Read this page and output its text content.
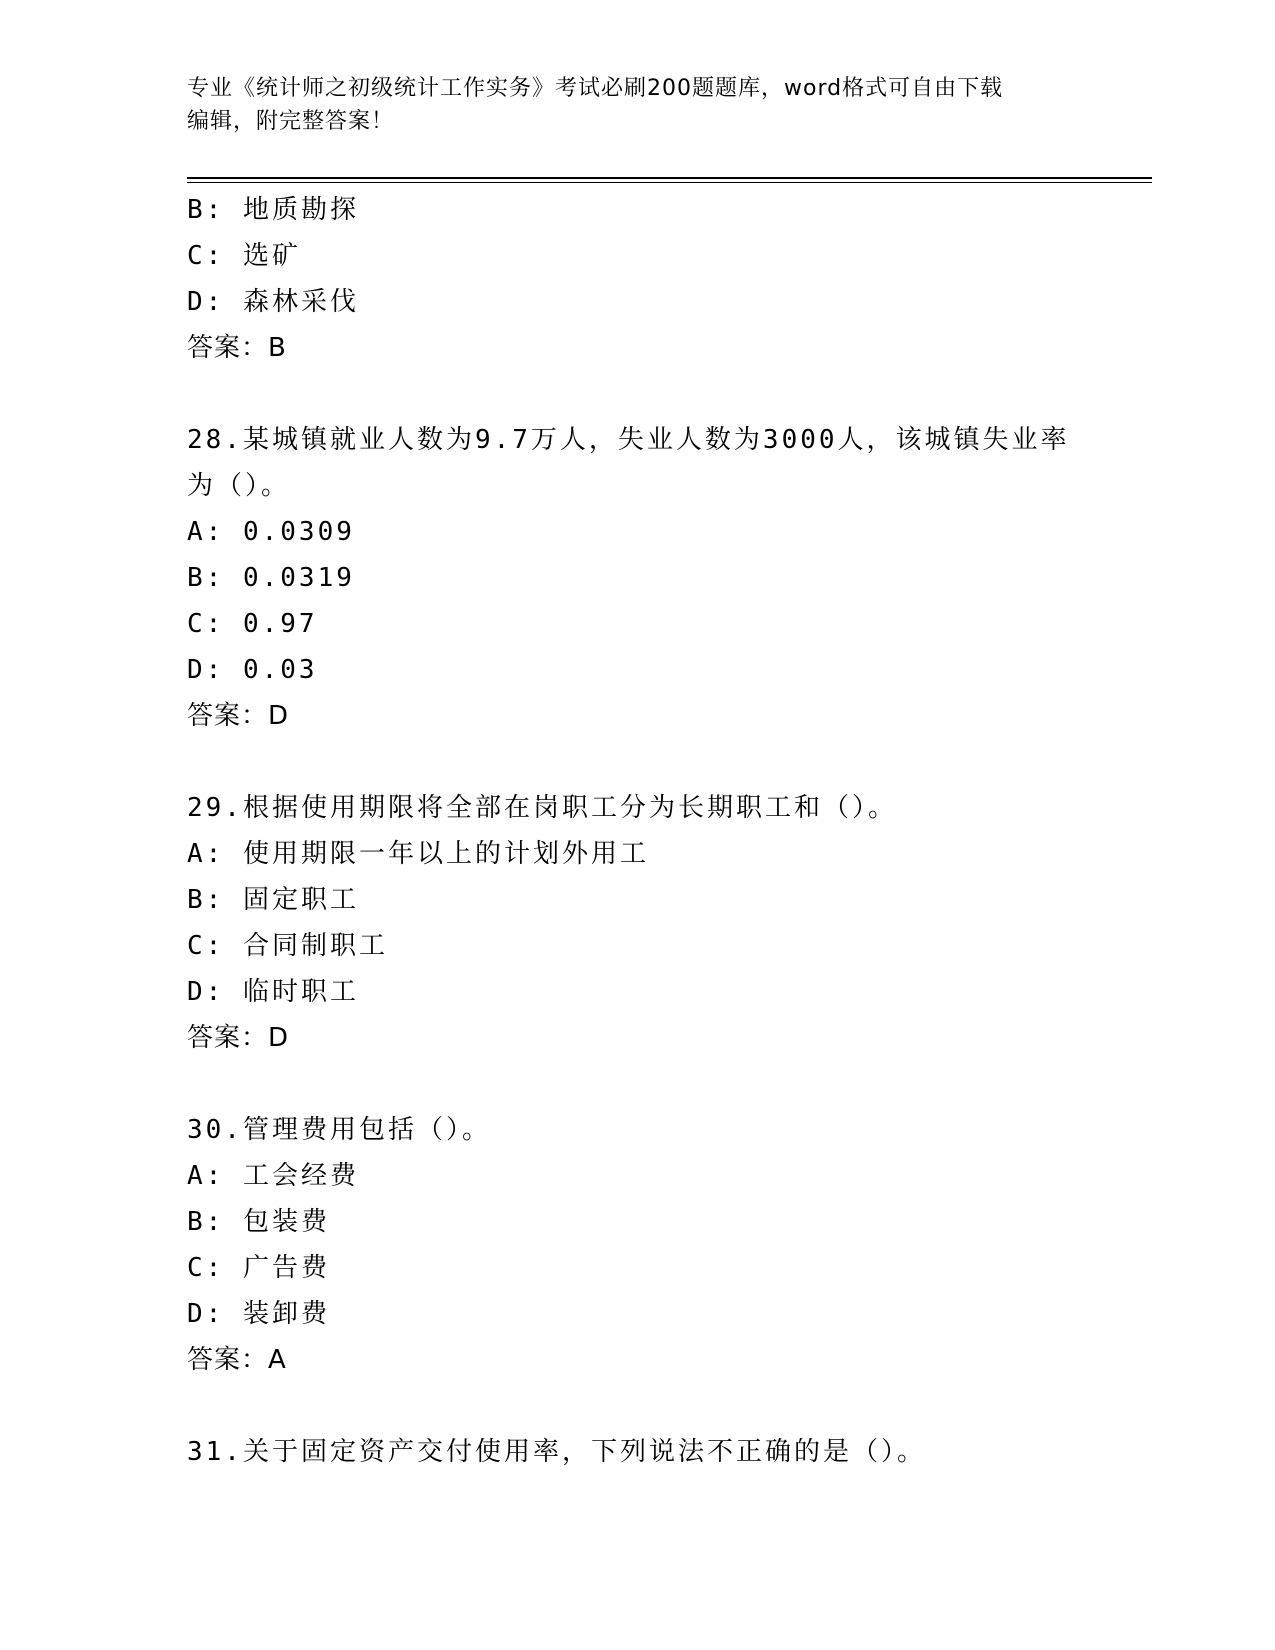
专业《统计师之初级统计工作实务》考试必刷200题题库，word格式可自由下载
编辑，附完整答案！
B: 地质勘探
C: 选矿
D: 森林采伐
答案：B
28.某城镇就业人数为9.7万人，失业人数为3000人，该城镇失业率
为（）。
A: 0.0309
B: 0.0319
C: 0.97
D: 0.03
答案：D
29.根据使用期限将全部在岗职工分为长期职工和（）。
A: 使用期限一年以上的计划外用工
B: 固定职工
C: 合同制职工
D: 临时职工
答案：D
30.管理费用包括（）。
A: 工会经费
B: 包装费
C: 广告费
D: 装卸费
答案：A
31.关于固定资产交付使用率，下列说法不正确的是（）。
